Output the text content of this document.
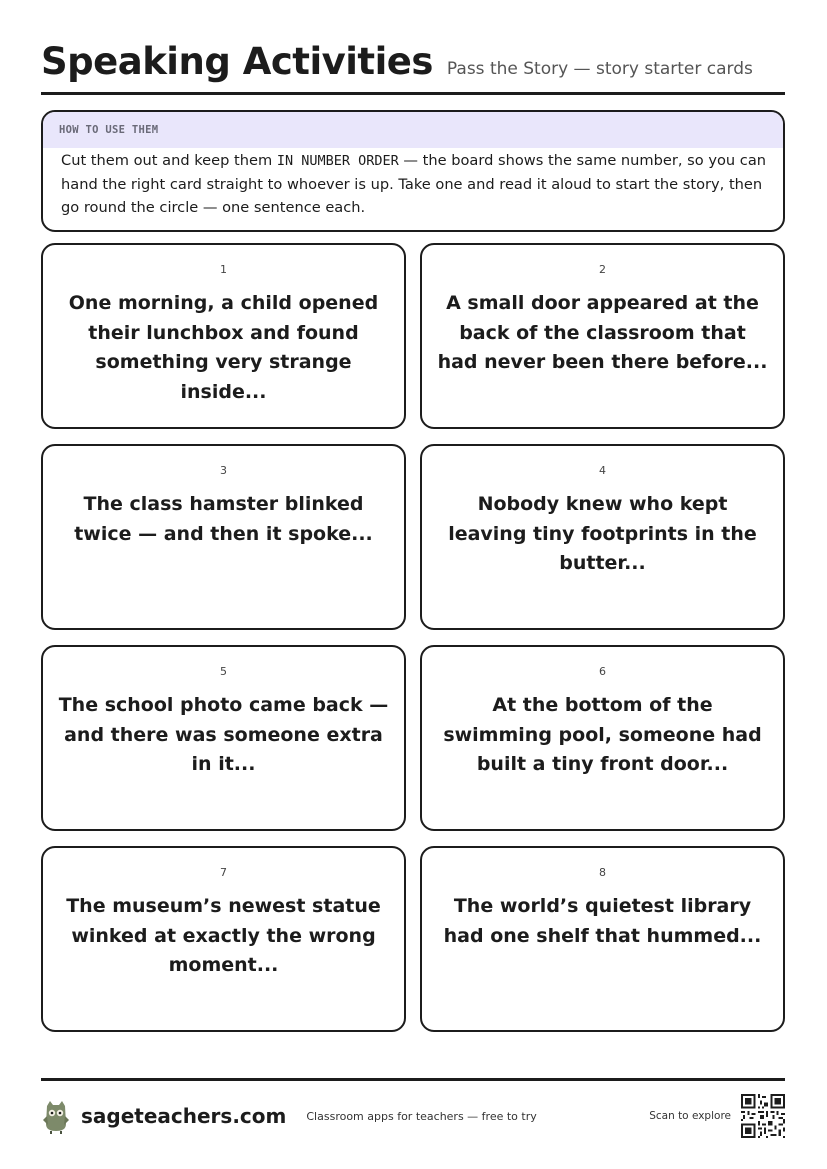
Speaking Activities Pass the Story — story starter cards
HOW TO USE THEM
Cut them out and keep them IN NUMBER ORDER — the board shows the same number, so you can hand the right card straight to whoever is up. Take one and read it aloud to start the story, then go round the circle — one sentence each.
1
One morning, a child opened their lunchbox and found something very strange inside...
2
A small door appeared at the back of the classroom that had never been there before...
3
The class hamster blinked twice — and then it spoke...
4
Nobody knew who kept leaving tiny footprints in the butter...
5
The school photo came back — and there was someone extra in it...
6
At the bottom of the swimming pool, someone had built a tiny front door...
7
The museum’s newest statue winked at exactly the wrong moment...
8
The world’s quietest library had one shelf that hummed...
sageteachers.com Classroom apps for teachers — free to try	Scan to explore
